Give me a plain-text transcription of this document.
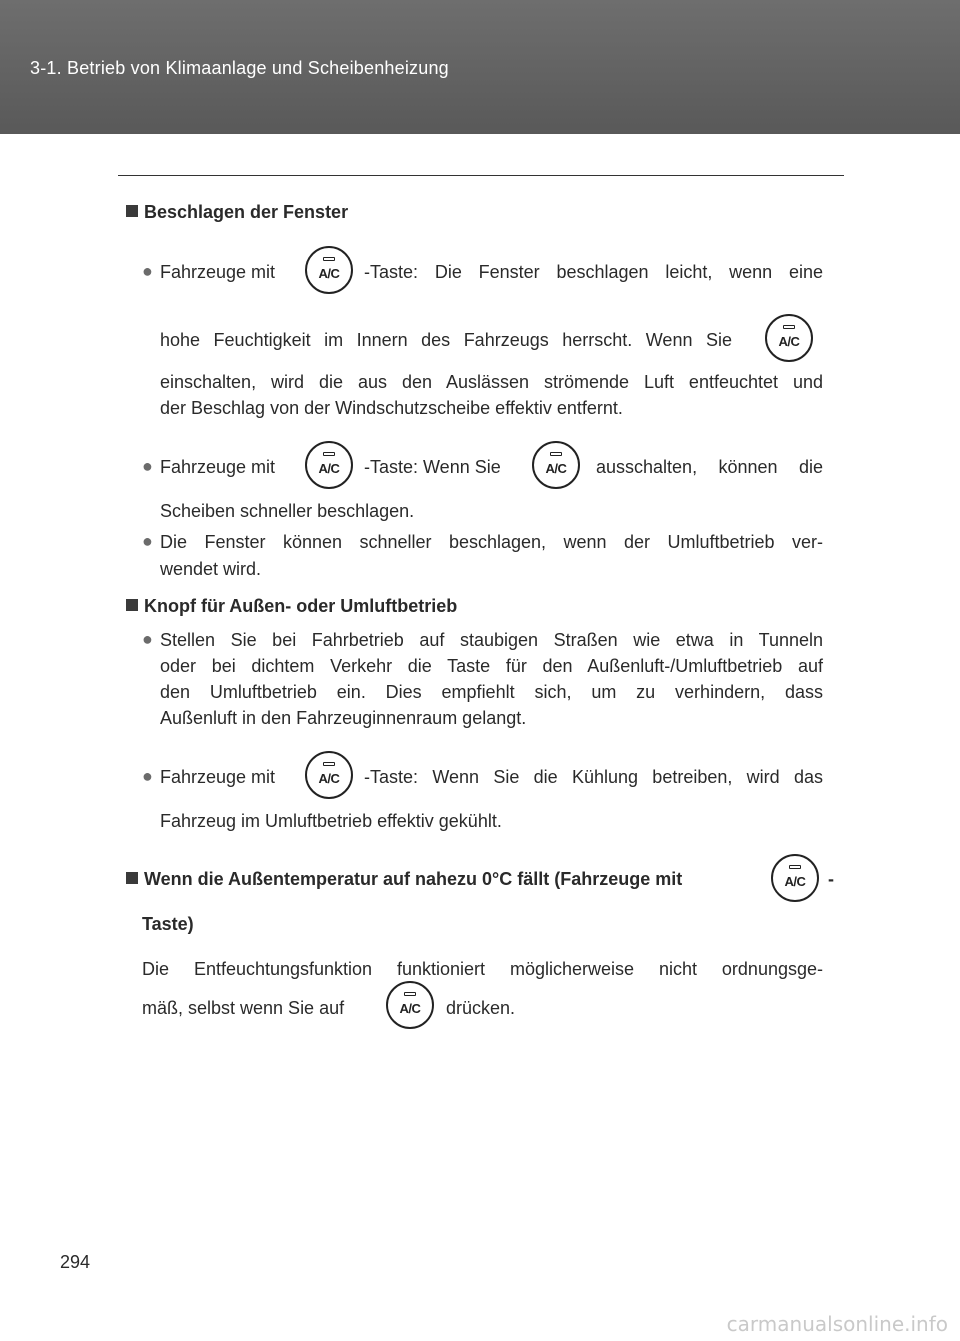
3-1. Betrieb von Klimaanlage und Scheibenheizung
Beschlagen der Fenster
● Fahrzeuge mit	A/C	-Taste: Die Fenster beschlagen leicht, wenn eine
hohe Feuchtigkeit im Innern des Fahrzeugs herrscht. Wenn Sie	A/C
einschalten, wird die aus den Auslässen strömende Luft entfeuchtet und
der Beschlag von der Windschutzscheibe effektiv entfernt.
● Fahrzeuge mit	A/C	-Taste: Wenn Sie	A/C	ausschalten, können die
Scheiben schneller beschlagen.
● Die Fenster können schneller beschlagen, wenn der Umluftbetrieb ver-
wendet wird.
Knopf für Außen- oder Umluftbetrieb
● Stellen Sie bei Fahrbetrieb auf staubigen Straßen wie etwa in Tunneln
oder bei dichtem Verkehr die Taste für den Außenluft-/Umluftbetrieb auf
den Umluftbetrieb ein. Dies empfiehlt sich, um zu verhindern, dass
Außenluft in den Fahrzeuginnenraum gelangt.
● Fahrzeuge mit	A/C	-Taste: Wenn Sie die Kühlung betreiben, wird das
Fahrzeug im Umluftbetrieb effektiv gekühlt.
Wenn die Außentemperatur auf nahezu 0°C fällt (Fahrzeuge mit	A/C	-
Taste)
Die Entfeuchtungsfunktion funktioniert möglicherweise nicht ordnungsge-
mäß, selbst wenn Sie auf	A/C	drücken.
294
carmanualsonline.info
